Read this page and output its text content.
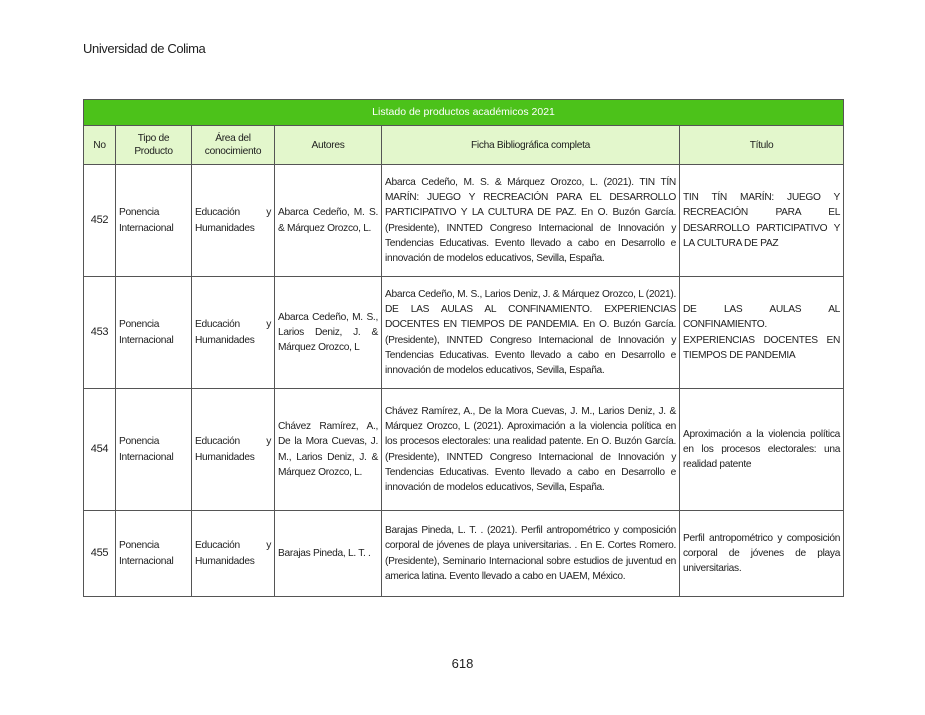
Universidad de Colima
Listado de productos académicos 2021					
No	Tipo de Producto	Área del conocimiento	Autores	Ficha Bibliográfica completa	Título
452	Ponencia Internacional	Educación y Humanidades	Abarca Cedeño, M. S. & Márquez Orozco, L.	Abarca Cedeño, M. S. & Márquez Orozco, L. (2021). TIN TÍN MARÍN: JUEGO Y RECREACIÓN PARA EL DESARROLLO PARTICIPATIVO Y LA CULTURA DE PAZ. En O. Buzón García. (Presidente), INNTED Congreso Internacional de Innovación y Tendencias Educativas. Evento llevado a cabo en Desarrollo e innovación de modelos educativos, Sevilla, España.	TIN TÍN MARÍN: JUEGO Y RECREACIÓN PARA EL DESARROLLO PARTICIPATIVO Y LA CULTURA DE PAZ
453	Ponencia Internacional	Educación y Humanidades	Abarca Cedeño, M. S., Larios Deniz, J. & Márquez Orozco, L	Abarca Cedeño, M. S., Larios Deniz, J. & Márquez Orozco, L (2021). DE LAS AULAS AL CONFINAMIENTO. EXPERIENCIAS DOCENTES EN TIEMPOS DE PANDEMIA. En O. Buzón García. (Presidente), INNTED Congreso Internacional de Innovación y Tendencias Educativas. Evento llevado a cabo en Desarrollo e innovación de modelos educativos, Sevilla, España.	DE LAS AULAS AL CONFINAMIENTO. EXPERIENCIAS DOCENTES EN TIEMPOS DE PANDEMIA
454	Ponencia Internacional	Educación y Humanidades	Chávez Ramírez, A., De la Mora Cuevas, J. M., Larios Deniz, J. & Márquez Orozco, L.	Chávez Ramírez, A., De la Mora Cuevas, J. M., Larios Deniz, J. & Márquez Orozco, L (2021). Aproximación a la violencia política en los procesos electorales: una realidad patente. En O. Buzón García. (Presidente), INNTED Congreso Internacional de Innovación y Tendencias Educativas. Evento llevado a cabo en Desarrollo e innovación de modelos educativos, Sevilla, España.	Aproximación a la violencia política en los procesos electorales: una realidad patente
455	Ponencia Internacional	Educación y Humanidades	Barajas Pineda, L. T. .	Barajas Pineda, L. T. . (2021). Perfil antropométrico y composición corporal de jóvenes de playa universitarias. . En E. Cortes Romero. (Presidente), Seminario Internacional sobre estudios de juventud en america latina. Evento llevado a cabo en UAEM, México.	Perfil antropométrico y composición corporal de jóvenes de playa universitarias.
618
